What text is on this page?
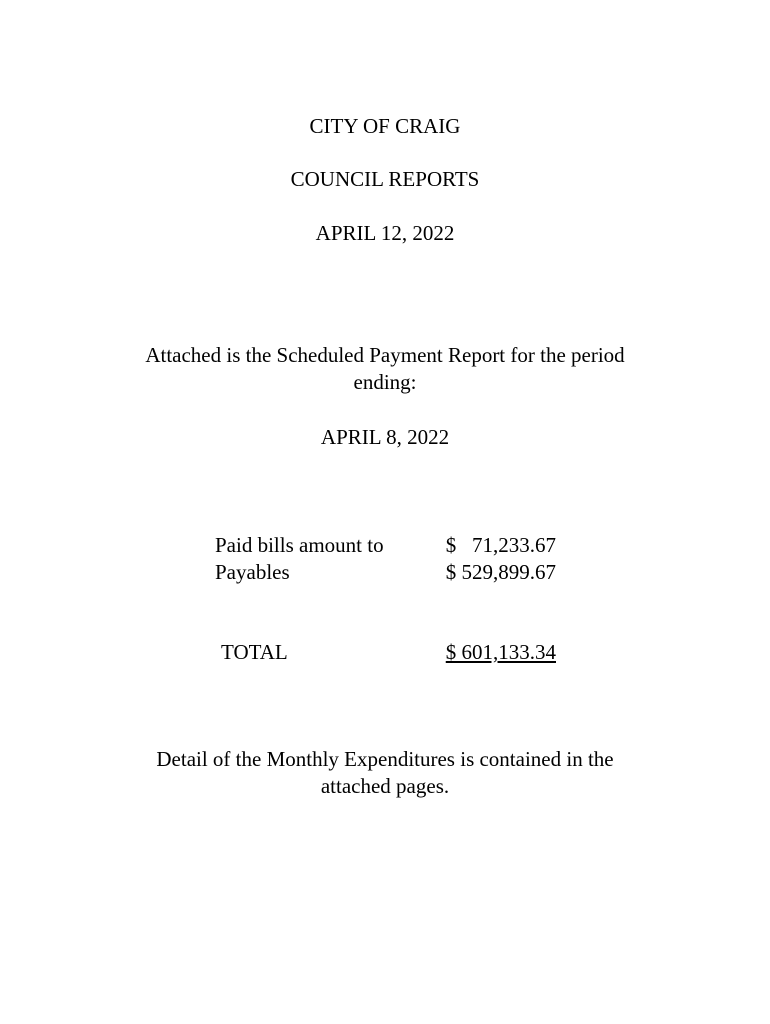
CITY OF CRAIG
COUNCIL REPORTS
APRIL 12, 2022
Attached is the Scheduled Payment Report for the period
ending:
APRIL 8, 2022
Paid bills amount to	$   71,233.67
Payables	$ 529,899.67
TOTAL	$ 601,133.34
Detail of the Monthly Expenditures is contained in the
attached pages.
